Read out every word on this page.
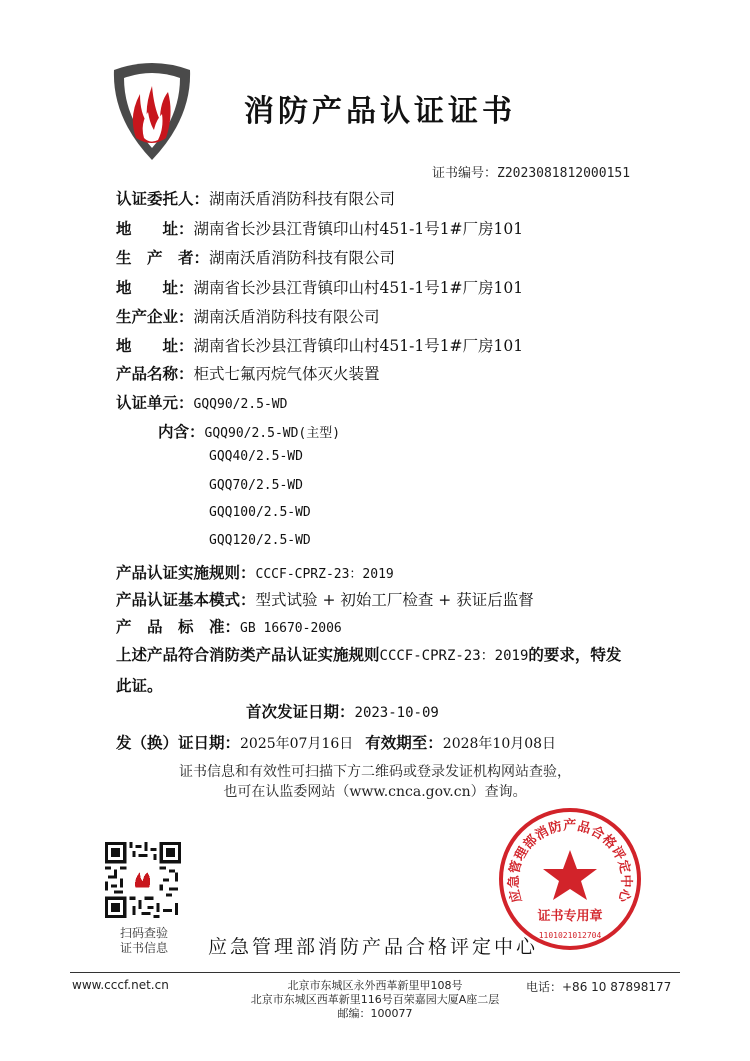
消防产品认证证书
证书编号：Z2023081812000151
认证委托人： 湖南沃盾消防科技有限公司
地　　址： 湖南省长沙县江背镇印山村451-1号1#厂房101
生　产　者： 湖南沃盾消防科技有限公司
地　　址： 湖南省长沙县江背镇印山村451-1号1#厂房101
生产企业： 湖南沃盾消防科技有限公司
地　　址： 湖南省长沙县江背镇印山村451-1号1#厂房101
产品名称： 柜式七氟丙烷气体灭火装置
认证单元： GQQ90/2.5-WD
内含： GQQ90/2.5-WD(主型)
GQQ40/2.5-WD
GQQ70/2.5-WD
GQQ100/2.5-WD
GQQ120/2.5-WD
产品认证实施规则： CCCF-CPRZ-23：2019
产品认证基本模式： 型式试验 + 初始工厂检查 + 获证后监督
产　品　标　准： GB 16670-2006
上述产品符合消防类产品认证实施规则CCCF-CPRZ-23：2019的要求，特发
此证。
首次发证日期： 2023-10-09
发（换）证日期： 2025年07月16日 有效期至： 2028年10月08日
证书信息和有效性可扫描下方二维码或登录发证机构网站查验，
也可在认监委网站（www.cnca.gov.cn）查询。
扫码查验
证书信息
应急管理部消防产品合格评定中心
证书专用章
1101021012704
应急管理部消防产品合格评定中心
www.cccf.net.cn	北京市东城区永外西革新里甲108号
北京市东城区西革新里116号百荣嘉园大厦A座二层
邮编：100077
电话：+86 10 87898177
